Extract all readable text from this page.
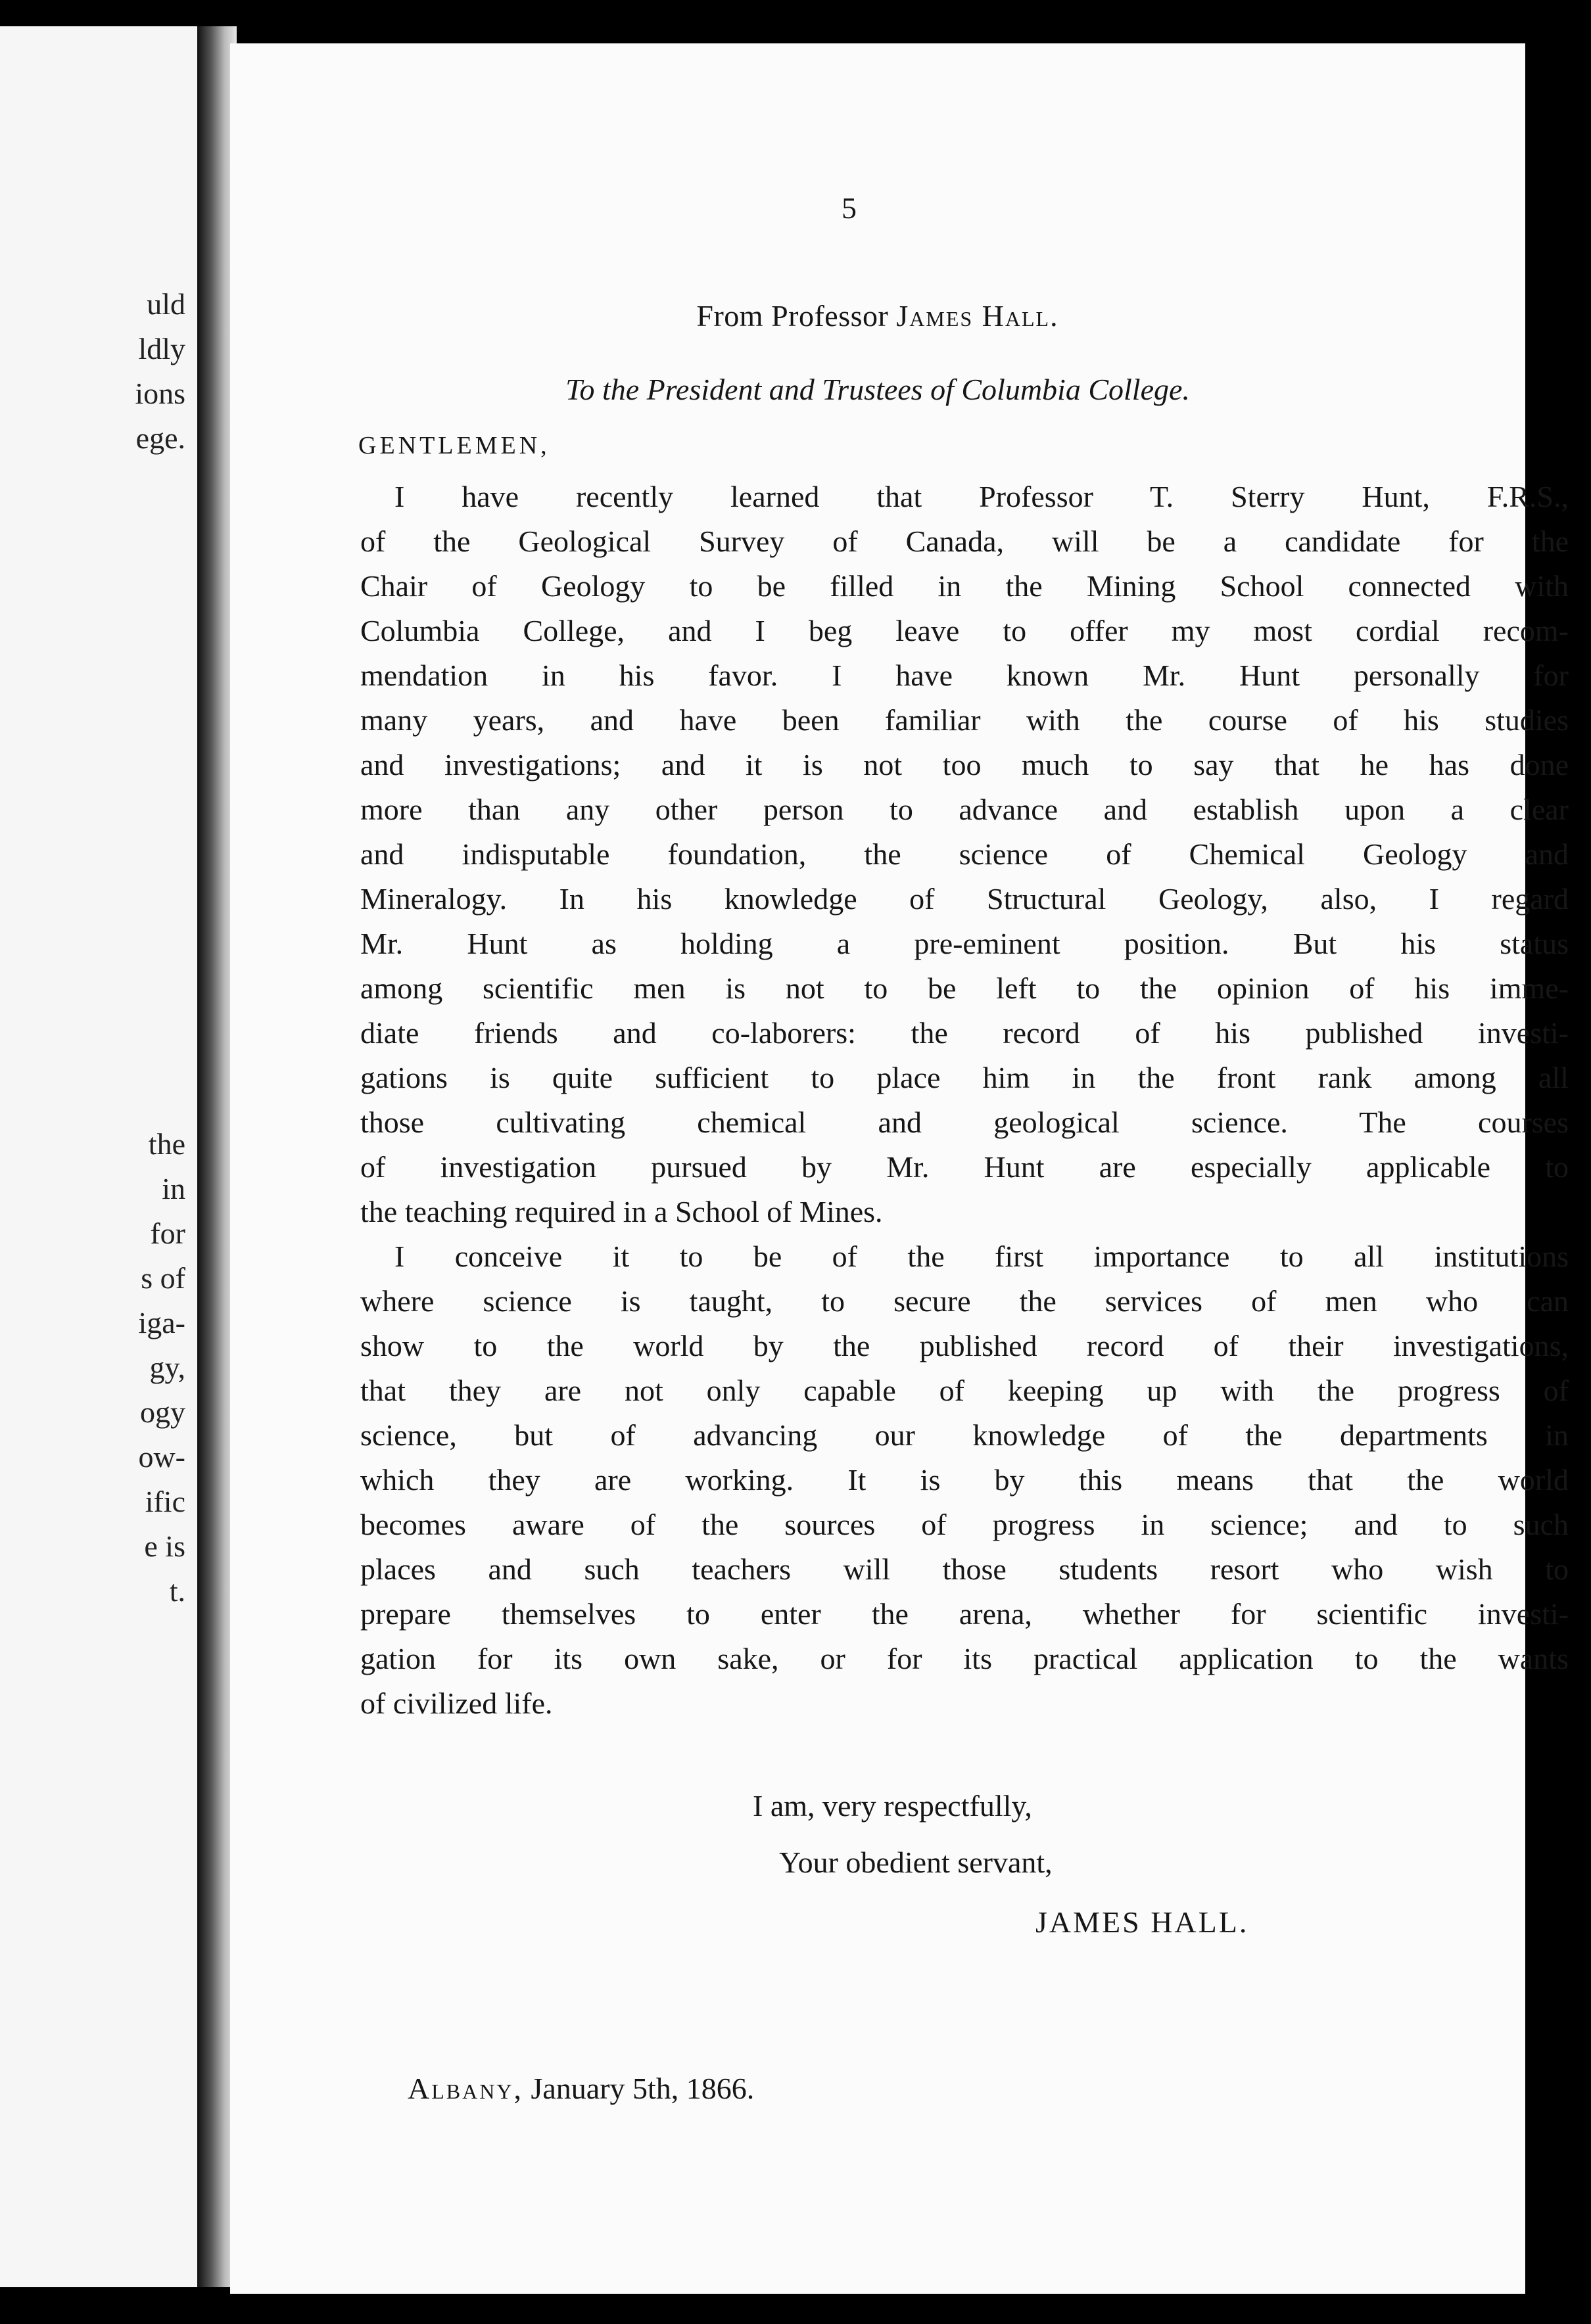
uld
ldly
ions
ege.
the
in
for
s of
iga-
gy,
ogy
ow-
ific
e is
t.
5
From Professor James Hall.
To the President and Trustees of Columbia College.
GENTLEMEN,
I have recently learned that Professor T. Sterry Hunt, F.R.S.,
of the Geological Survey of Canada, will be a candidate for the
Chair of Geology to be filled in the Mining School connected with
Columbia College, and I beg leave to offer my most cordial recom-
mendation in his favor. I have known Mr. Hunt personally for
many years, and have been familiar with the course of his studies
and investigations; and it is not too much to say that he has done
more than any other person to advance and establish upon a clear
and indisputable foundation, the science of Chemical Geology and
Mineralogy. In his knowledge of Structural Geology, also, I regard
Mr. Hunt as holding a pre-eminent position. But his status
among scientific men is not to be left to the opinion of his imme-
diate friends and co-laborers: the record of his published investi-
gations is quite sufficient to place him in the front rank among all
those cultivating chemical and geological science. The courses
of investigation pursued by Mr. Hunt are especially applicable to
the teaching required in a School of Mines.
I conceive it to be of the first importance to all institutions
where science is taught, to secure the services of men who can
show to the world by the published record of their investigations,
that they are not only capable of keeping up with the progress of
science, but of advancing our knowledge of the departments in
which they are working. It is by this means that the world
becomes aware of the sources of progress in science; and to such
places and such teachers will those students resort who wish to
prepare themselves to enter the arena, whether for scientific investi-
gation for its own sake, or for its practical application to the wants
of civilized life.
I am, very respectfully,
Your obedient servant,
JAMES HALL.
Albany, January 5th, 1866.
